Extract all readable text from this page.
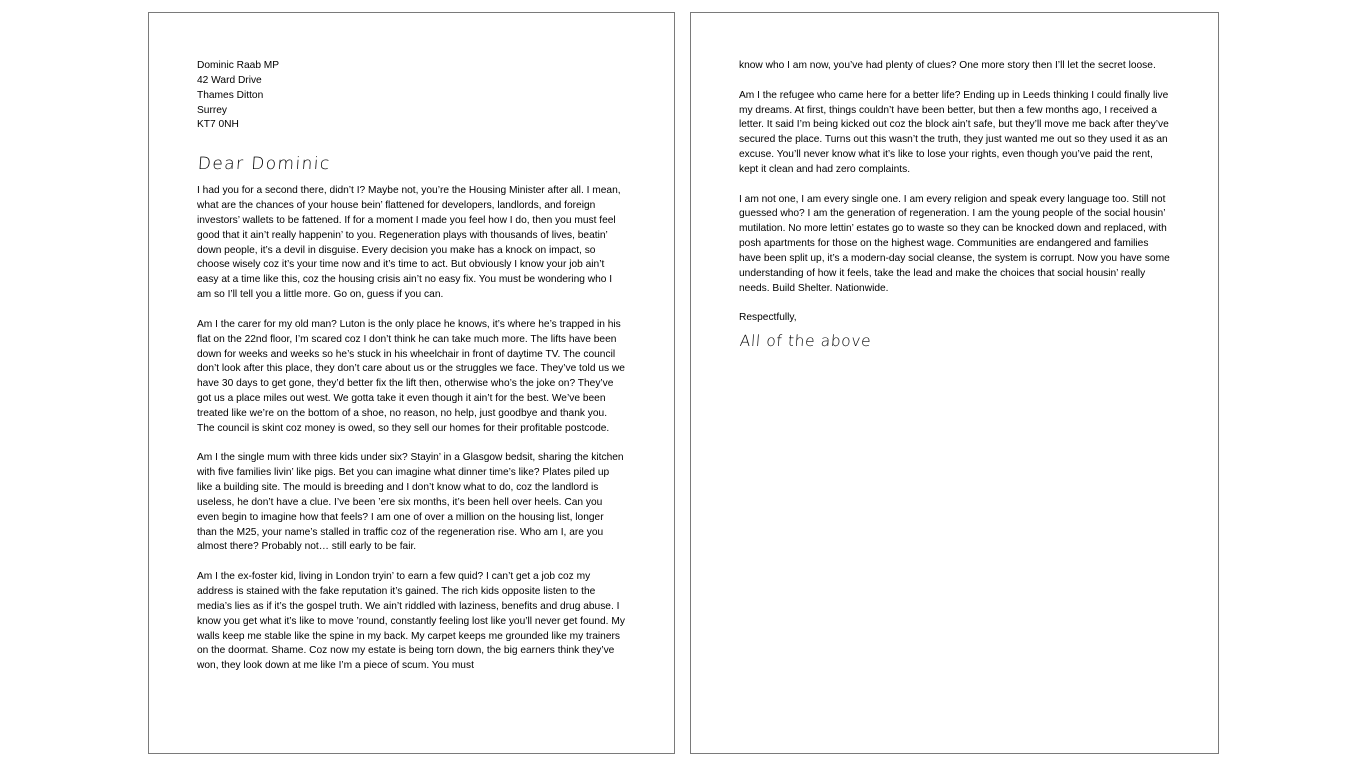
Dominic Raab MP
42 Ward Drive
Thames Ditton
Surrey
KT7 0NH
Dear Dominic

I had you for a second there, didn’t I? Maybe not, you’re the Housing Minister after all. I mean, what are the chances of your house bein’ flattened for developers, landlords, and foreign investors’ wallets to be fattened. If for a moment I made you feel how I do, then you must feel good that it ain’t really happenin’ to you. Regeneration plays with thousands of lives, beatin’ down people, it’s a devil in disguise. Every decision you make has a knock on impact, so choose wisely coz it’s your time now and it’s time to act. But obviously I know your job ain’t easy at a time like this, coz the housing crisis ain’t no easy fix. You must be wondering who I am so I’ll tell you a little more. Go on, guess if you can.

Am I the carer for my old man? Luton is the only place he knows, it’s where he’s trapped in his flat on the 22nd floor, I’m scared coz I don’t think he can take much more. The lifts have been down for weeks and weeks so he’s stuck in his wheelchair in front of daytime TV. The council don’t look after this place, they don’t care about us or the struggles we face. They’ve told us we have 30 days to get gone, they’d better fix the lift then, otherwise who’s the joke on? They’ve got us a place miles out west. We gotta take it even though it ain’t for the best. We’ve been treated like we’re on the bottom of a shoe, no reason, no help, just goodbye and thank you. The council is skint coz money is owed, so they sell our homes for their profitable postcode.

Am I the single mum with three kids under six? Stayin’ in a Glasgow bedsit, sharing the kitchen with five families livin’ like pigs. Bet you can imagine what dinner time’s like? Plates piled up like a building site. The mould is breeding and I don’t know what to do, coz the landlord is useless, he don’t have a clue. I’ve been ’ere six months, it’s been hell over heels. Can you even begin to imagine how that feels? I am one of over a million on the housing list, longer than the M25, your name’s stalled in traffic coz of the regeneration rise. Who am I, are you almost there? Probably not… still early to be fair.

Am I the ex-foster kid, living in London tryin’ to earn a few quid? I can’t get a job coz my address is stained with the fake reputation it’s gained. The rich kids opposite listen to the media’s lies as if it’s the gospel truth. We ain’t riddled with laziness, benefits and drug abuse. I know you get what it’s like to move ’round, constantly feeling lost like you’ll never get found. My walls keep me stable like the spine in my back. My carpet keeps me grounded like my trainers on the doormat. Shame. Coz now my estate is being torn down, the big earners think they’ve won, they look down at me like I’m a piece of scum. You must

know who I am now, you’ve had plenty of clues? One more story then I’ll let the secret loose.

Am I the refugee who came here for a better life? Ending up in Leeds thinking I could finally live my dreams. At first, things couldn’t have been better, but then a few months ago, I received a letter. It said I’m being kicked out coz the block ain’t safe, but they’ll move me back after they’ve secured the place. Turns out this wasn’t the truth, they just wanted me out so they used it as an excuse. You’ll never know what it’s like to lose your rights, even though you’ve paid the rent, kept it clean and had zero complaints.

I am not one, I am every single one. I am every religion and speak every language too. Still not guessed who? I am the generation of regeneration. I am the young people of the social housin’ mutilation. No more lettin’ estates go to waste so they can be knocked down and replaced, with posh apartments for those on the highest wage. Communities are endangered and families have been split up, it’s a modern-day social cleanse, the system is corrupt. Now you have some understanding of how it feels, take the lead and make the choices that social housin’ really needs. Build Shelter. Nationwide.

Respectfully,

All of the above
